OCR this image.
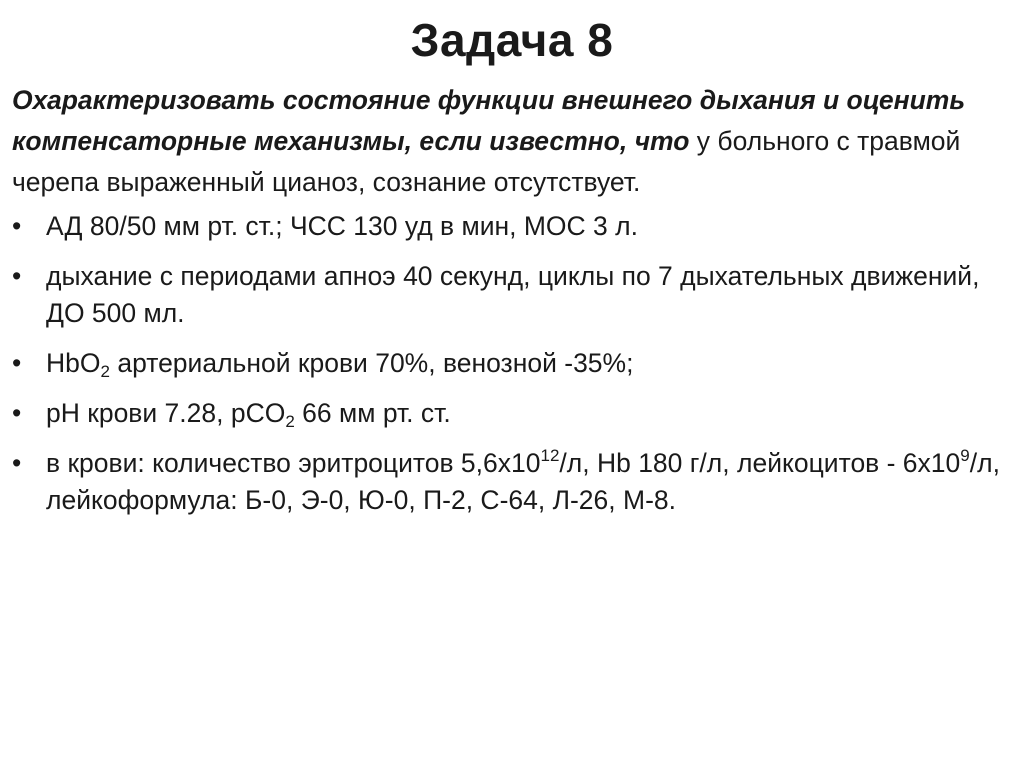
Задача 8
Охарактеризовать состояние функции внешнего дыхания и оценить компенсаторные механизмы, если известно, что у больного с травмой черепа выраженный цианоз, сознание отсутствует.
• АД 80/50 мм рт. ст.; ЧСС 130 уд в мин, МОС 3 л.
• дыхание с периодами апноэ 40 секунд, циклы по 7 дыхательных движений, ДО 500 мл.
• HbO$_2$ артериальной крови 70%, венозной -35%;
• pH крови 7.28, pCO$_2$ 66 мм рт. ст.
• в крови: количество эритроцитов $5,6х10^{12}/л$, Hb 180 г/л, лейкоцитов - $6х10^9/л$, лейкоформула: Б-0, Э-0, Ю-0, П-2, С-64, Л-26, М-8.
